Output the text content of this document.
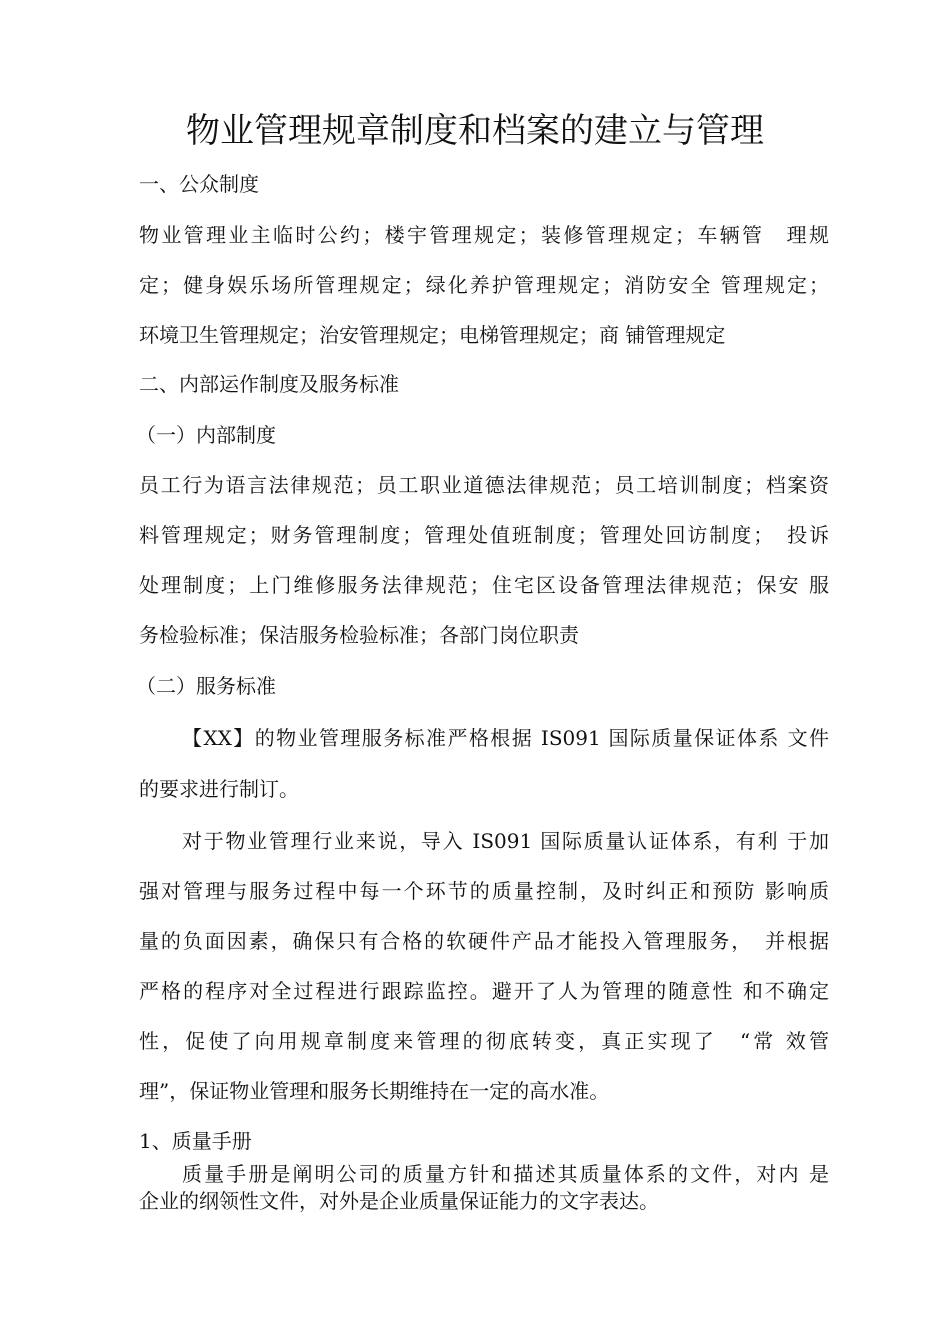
物业管理规章制度和档案的建立与管理
一、公众制度
物业管理业主临时公约；楼宇管理规定；装修管理规定；车辆管　理规
定；健身娱乐场所管理规定；绿化养护管理规定；消防安全 管理规定；
环境卫生管理规定；治安管理规定；电梯管理规定；商 铺管理规定
二、内部运作制度及服务标准
（一）内部制度
员工行为语言法律规范；员工职业道德法律规范；员工培训制度；档案资
料管理规定；财务管理制度；管理处值班制度；管理处回访制度；　投诉
处理制度；上门维修服务法律规范；住宅区设备管理法律规范；保安 服
务检验标准；保洁服务检验标准；各部门岗位职责
（二）服务标准
【XX】的物业管理服务标准严格根据 IS091 国际质量保证体系 文件
的要求进行制订。
对于物业管理行业来说，导入 IS091 国际质量认证体系，有利 于加
强对管理与服务过程中每一个环节的质量控制，及时纠正和预防 影响质
量的负面因素，确保只有合格的软硬件产品才能投入管理服务，　并根据
严格的程序对全过程进行跟踪监控。避开了人为管理的随意性 和不确定
性，促使了向用规章制度来管理的彻底转变，真正实现了　“常 效管
理”，保证物业管理和服务长期维持在一定的高水准。
1、质量手册
质量手册是阐明公司的质量方针和描述其质量体系的文件，对内 是
企业的纲领性文件，对外是企业质量保证能力的文字表达。
